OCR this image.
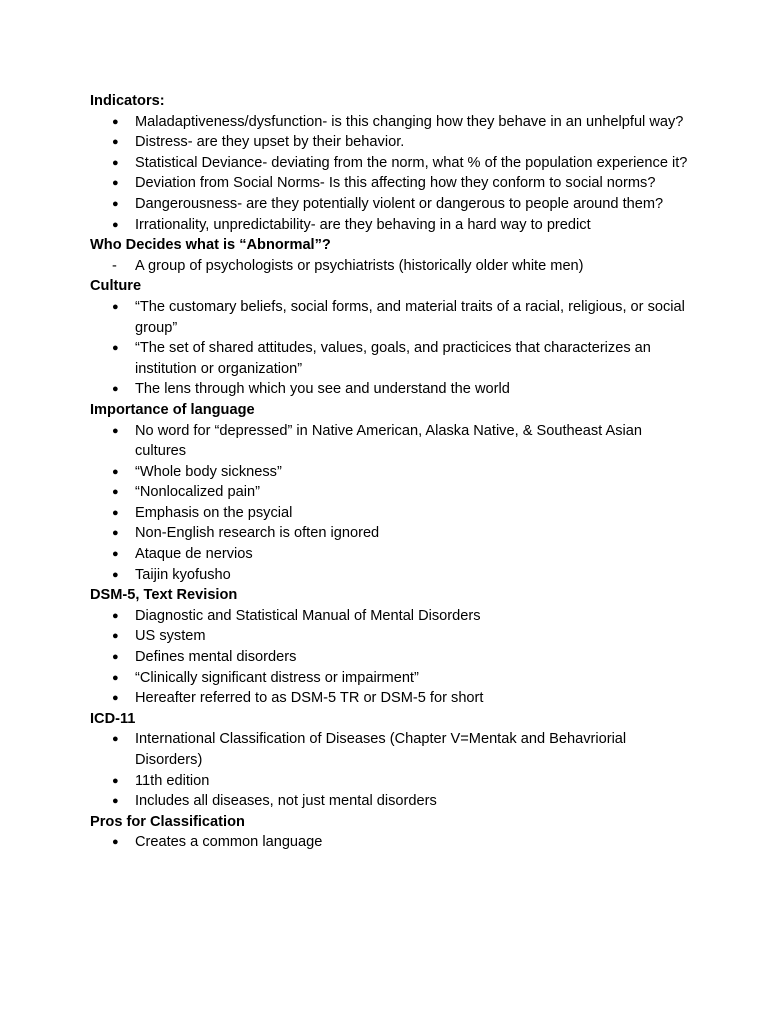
Indicators:
●
Maladaptiveness/dysfunction- is this changing how they behave in an unhelpful way?
●
Distress- are they upset by their behavior.
●
Statistical Deviance- deviating from the norm, what % of the population experience it?
●
Deviation from Social Norms- Is this affecting how they conform to social norms?
●
Dangerousness- are they potentially violent or dangerous to people around them?
●
Irrationality, unpredictability- are they behaving in a hard way to predict
Who Decides what is “Abnormal”?
-
A group of psychologists or psychiatrists (historically older white men)
Culture
●
“The customary beliefs, social forms, and material traits of a racial, religious, or social group”
●
“The set of shared attitudes, values, goals, and practicices that characterizes an institution or organization”
●
The lens through which you see and understand the world
Importance of language
●
No word for “depressed” in Native American, Alaska Native, & Southeast Asian cultures
●
“Whole body sickness”
●
“Nonlocalized pain”
●
Emphasis on the psycial
●
Non-English research is often ignored
●
Ataque de nervios
●
Taijin kyofusho
DSM-5, Text Revision
●
Diagnostic and Statistical Manual of Mental Disorders
●
US system
●
Defines mental disorders
●
“Clinically significant distress or impairment”
●
Hereafter referred to as DSM-5 TR or DSM-5 for short
ICD-11
●
International Classification of Diseases (Chapter V=Mentak and Behavriorial Disorders)
●
11th edition
●
Includes all diseases, not just mental disorders
Pros for Classification
●
Creates a common language
